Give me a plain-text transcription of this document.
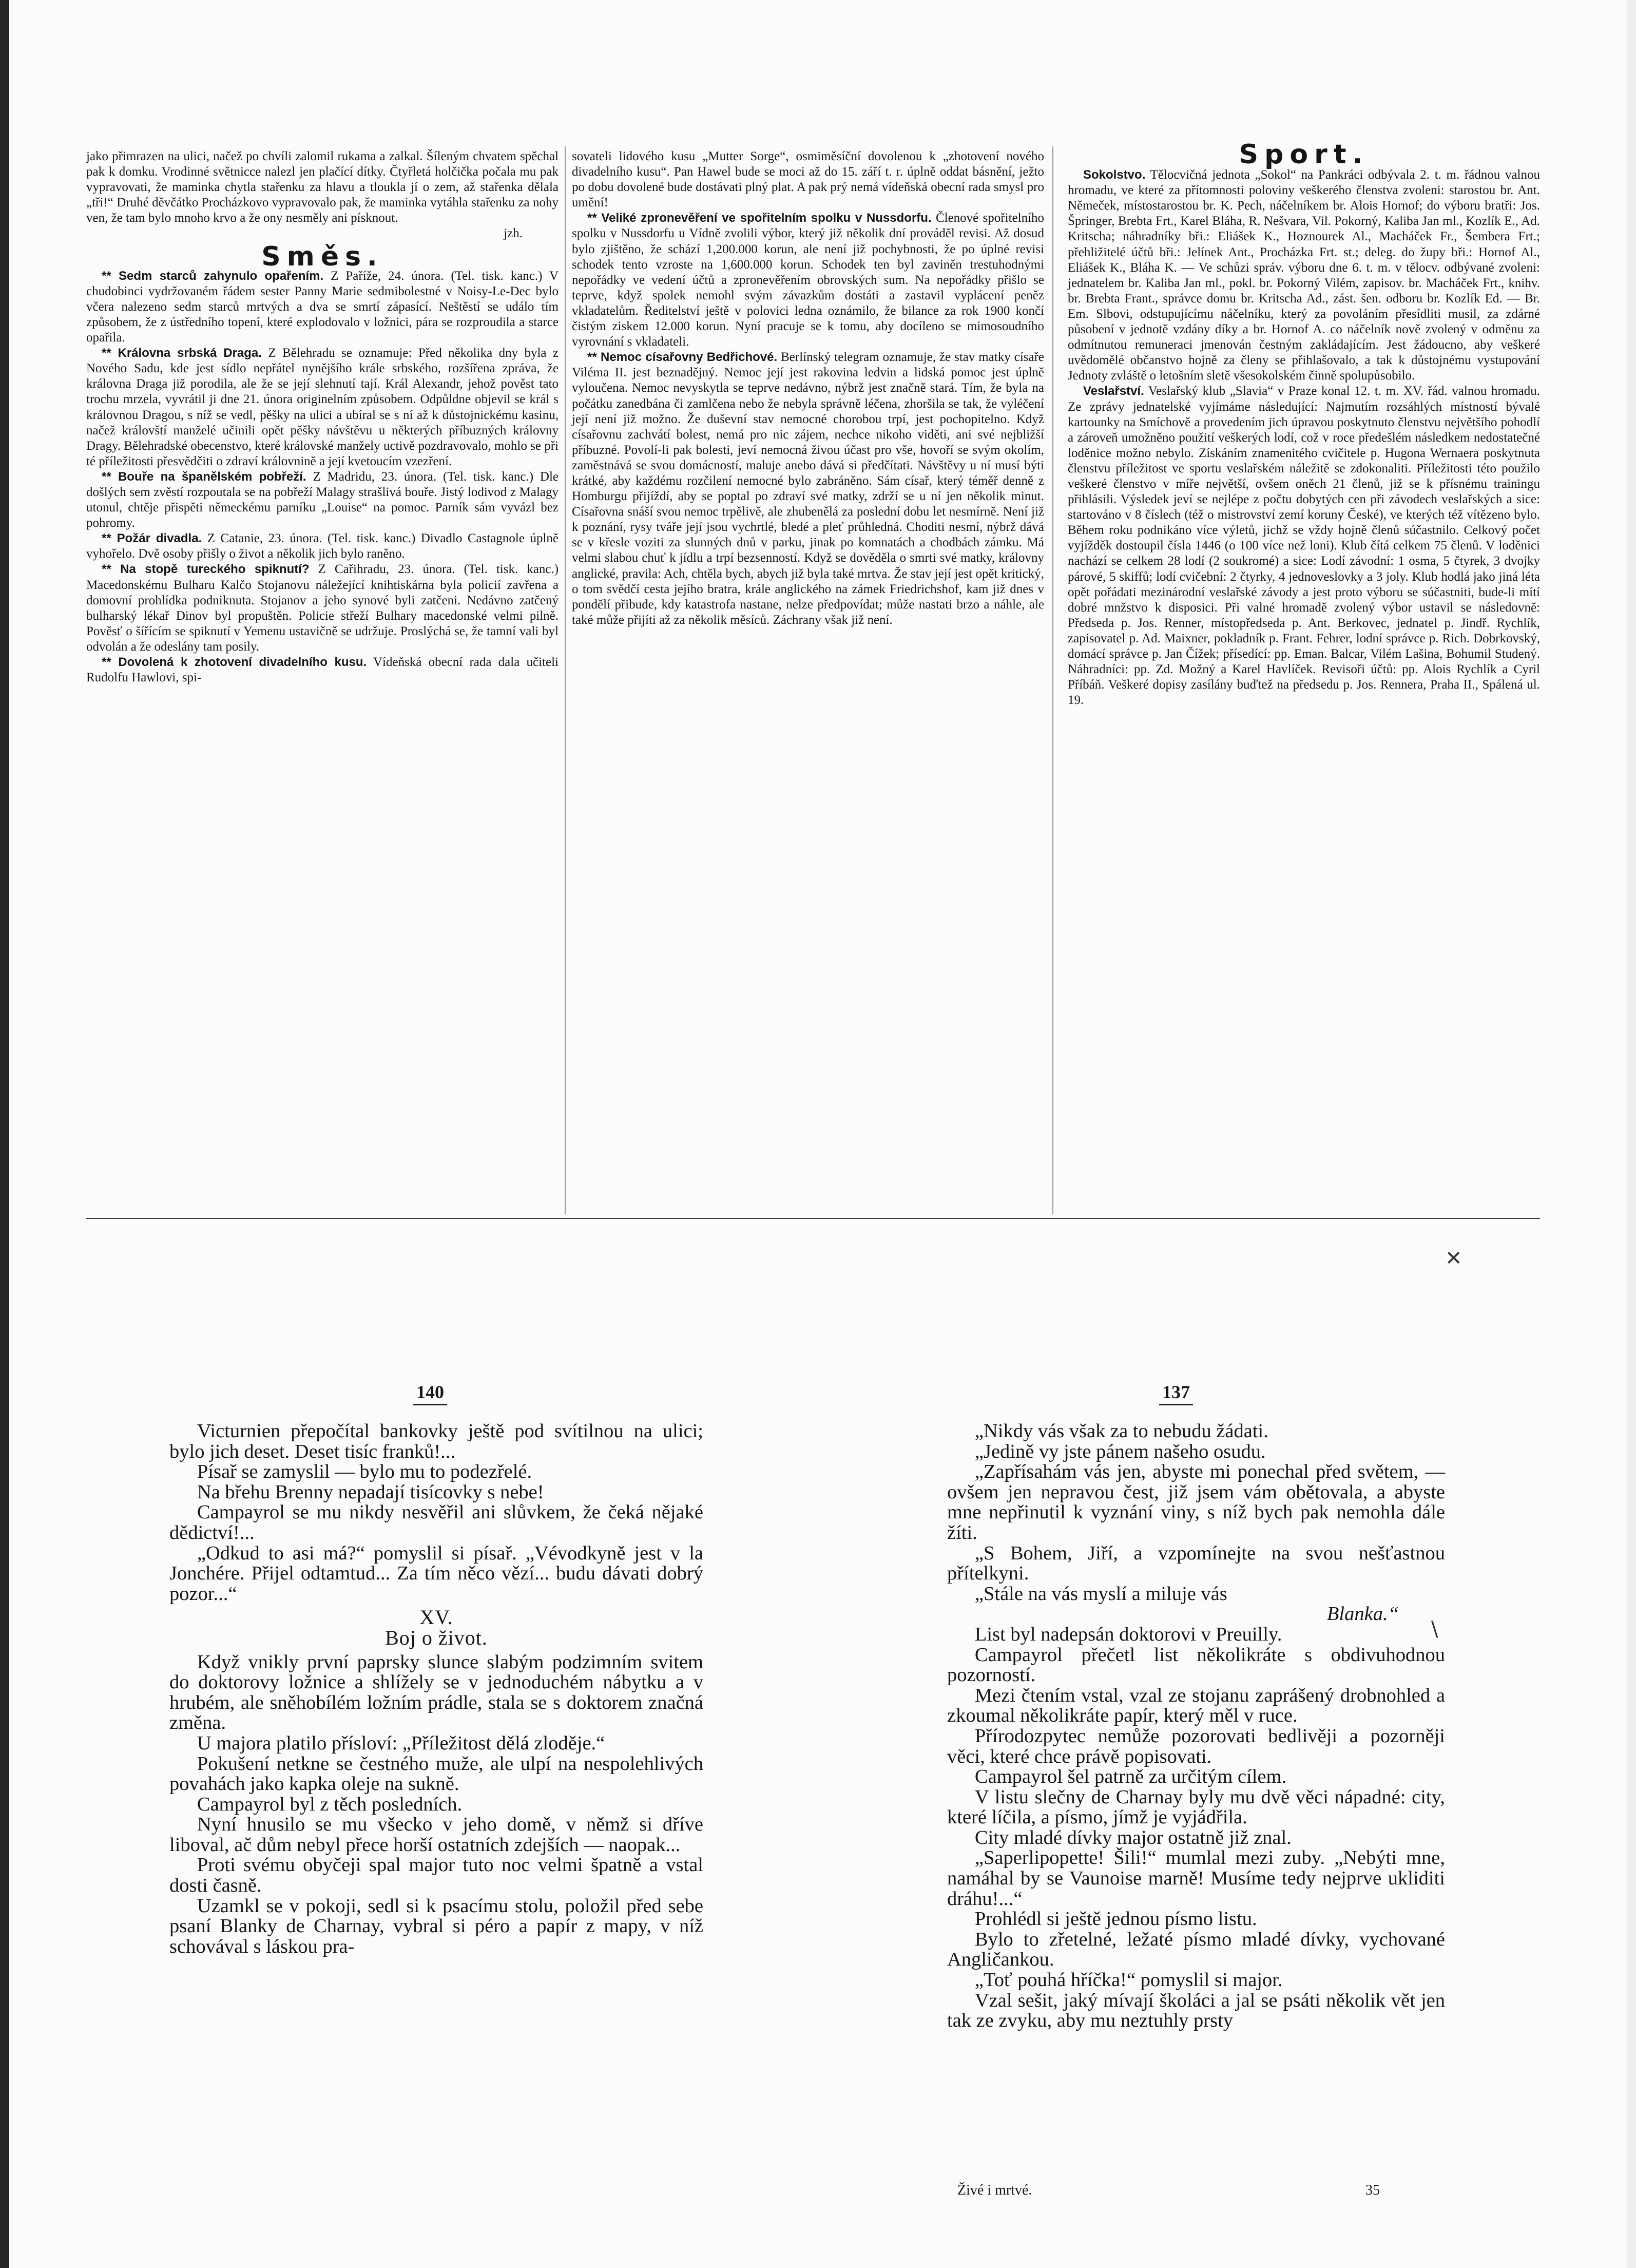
jako přimrazen na ulici, načež po chvíli zalomil rukama a zalkal. Šíleným chvatem spěchal pak k domku. Vrodinné světnicce nalezl jen plačící dítky. Čtyřletá holčička počala mu pak vypravovati, že maminka chytla stařenku za hlavu a tloukla jí o zem, až stařenka dělala „tři!“ Druhé děvčátko Procházkovo vypravovalo pak, že maminka vytáhla stařenku za nohy ven, že tam bylo mnoho krvo a že ony nesměly ani písknout.

jzh.

Směs.

** Sedm starců zahynulo opařením. Z Paříže, 24. února. (Tel. tisk. kanc.) V chudobinci vydržovaném řádem sester Panny Marie sedmibolestné v Noisy-Le-Dec bylo včera nalezeno sedm starců mrtvých a dva se smrtí zápasící. Neštěstí se událo tím způsobem, že z ústředního topení, které explodovalo v ložnici, pára se rozproudila a starce opařila.

** Královna srbská Draga. Z Bělehradu se oznamuje: Před několika dny byla z Nového Sadu, kde jest sídlo nepřátel nynějšího krále srbského, rozšířena zpráva, že královna Draga již porodila, ale že se její slehnutí tají. Král Alexandr, jehož pověst tato trochu mrzela, vyvrátil ji dne 21. února originelním způsobem. Odpůldne objevil se král s královnou Dragou, s níž se vedl, pěšky na ulici a ubíral se s ní až k důstojnickému kasinu, načež královští manželé učinili opět pěšky návštěvu u některých příbuzných královny Dragy. Bělehradské obecenstvo, které královské manžely uctivě pozdravovalo, mohlo se při té příležitosti přesvědčiti o zdraví královnině a její kvetoucím vzezření.

** Bouře na španělském pobřeží. Z Madridu, 23. února. (Tel. tisk. kanc.) Dle došlých sem zvěstí rozpoutala se na pobřeží Malagy strašlivá bouře. Jistý lodivod z Malagy utonul, chtěje přispěti německému parníku „Louise“ na pomoc. Parník sám vyvázl bez pohromy.

** Požár divadla. Z Catanie, 23. února. (Tel. tisk. kanc.) Divadlo Castagnole úplně vyhořelo. Dvě osoby přišly o život a několik jich bylo raněno.

** Na stopě tureckého spiknutí? Z Cařihradu, 23. února. (Tel. tisk. kanc.) Macedonskému Bulharu Kalčo Stojanovu náležející knihtiskárna byla policií zavřena a domovní prohlídka podniknuta. Stojanov a jeho synové byli zatčeni. Nedávno zatčený bulharský lékař Dinov byl propuštěn. Policie střeží Bulhary macedonské velmi pilně. Pověsť o šířícím se spiknutí v Yemenu ustavičně se udržuje. Proslýchá se, že tamní vali byl odvolán a že odeslány tam posily.

** Dovolená k zhotovení divadelního kusu. Vídeňská obecní rada dala učiteli Rudolfu Hawlovi, spi-

sovateli lidového kusu „Mutter Sorge“, osmiměsíční dovolenou k „zhotovení nového divadelního kusu“. Pan Hawel bude se moci až do 15. září t. r. úplně oddat básnění, ježto po dobu dovolené bude dostávati plný plat. A pak prý nemá vídeňská obecní rada smysl pro umění!

** Veliké zpronevěření ve spořitelním spolku v Nussdorfu. Členové spořitelního spolku v Nussdorfu u Vídně zvolili výbor, který již několik dní prováděl revisi. Až dosud bylo zjištěno, že schází 1,200.000 korun, ale není již pochybnosti, že po úplné revisi schodek tento vzroste na 1,600.000 korun. Schodek ten byl zaviněn trestuhodnými nepořádky ve vedení účtů a zpronevěřením obrovských sum. Na nepořádky přišlo se teprve, když spolek nemohl svým závazkům dostáti a zastavil vyplácení peněz vkladatelům. Ředitelství ještě v polovici ledna oznámilo, že bilance za rok 1900 končí čistým ziskem 12.000 korun. Nyní pracuje se k tomu, aby docíleno se mimosoudního vyrovnání s vkladateli.

** Nemoc císařovny Bedřichové. Berlínský telegram oznamuje, že stav matky císaře Viléma II. jest beznadějný. Nemoc její jest rakovina ledvin a lidská pomoc jest úplně vyloučena. Nemoc nevyskytla se teprve nedávno, nýbrž jest značně stará. Tím, že byla na počátku zanedbána či zamlčena nebo že nebyla správně léčena, zhoršila se tak, že vyléčení její není již možno. Že duševní stav nemocné chorobou trpí, jest pochopitelno. Když císařovnu zachvátí bolest, nemá pro nic zájem, nechce nikoho viděti, ani své nejbližší příbuzné. Povolí-li pak bolesti, jeví nemocná živou účast pro vše, hovoří se svým okolím, zaměstnává se svou domácností, maluje anebo dává si předčítati. Návštěvy u ní musí býti krátké, aby každému rozčilení nemocné bylo zabráněno. Sám císař, který téměř denně z Homburgu přijíždí, aby se poptal po zdraví své matky, zdrží se u ní jen několik minut. Císařovna snáší svou nemoc trpělivě, ale zhubenělá za poslední dobu let nesmírně. Není již k poznání, rysy tváře její jsou vychrtlé, bledé a pleť průhledná. Choditi nesmí, nýbrž dává se v křesle voziti za slunných dnů v parku, jinak po komnatách a chodbách zámku. Má velmi slabou chuť k jídlu a trpí bezsenností. Když se dověděla o smrti své matky, královny anglické, pravila: Ach, chtěla bych, abych již byla také mrtva. Že stav její jest opět kritický, o tom svědčí cesta jejího bratra, krále anglického na zámek Friedrichshof, kam již dnes v pondělí přibude, kdy katastrofa nastane, nelze předpovídat; může nastati brzo a náhle, ale také může přijíti až za několik měsíců. Záchrany však již není.

Sport.

Sokolstvo. Tělocvičná jednota „Sokol“ na Pankráci odbývala 2. t. m. řádnou valnou hromadu, ve které za přítomnosti poloviny veškerého členstva zvoleni: starostou br. Ant. Němeček, místostarostou br. K. Pech, náčelníkem br. Alois Hornof; do výboru bratři: Jos. Špringer, Brebta Frt., Karel Bláha, R. Nešvara, Vil. Pokorný, Kaliba Jan ml., Kozlík E., Ad. Kritscha; náhradníky bři.: Eliášek K., Hoznourek Al., Macháček Fr., Šembera Frt.; přehližitelé účtů bři.: Jelínek Ant., Procházka Frt. st.; deleg. do župy bři.: Hornof Al., Eliášek K., Bláha K. — Ve schůzi správ. výboru dne 6. t. m. v tělocv. odbývané zvoleni: jednatelem br. Kaliba Jan ml., pokl. br. Pokorný Vilém, zapisov. br. Macháček Frt., knihv. br. Brebta Frant., správce domu br. Kritscha Ad., zást. šen. odboru br. Kozlík Ed. — Br. Em. Slbovi, odstupujícímu náčelníku, který za povoláním přesídliti musil, za zdárné působení v jednotě vzdány díky a br. Hornof A. co náčelník nově zvolený v odměnu za odmítnutou remuneraci jmenován čestným zakládajícím. Jest žádoucno, aby veškeré uvědomělé občanstvo hojně za členy se přihlašovalo, a tak k důstojnému vystupování Jednoty zvláště o letošním sletě všesokolském činně spolupůsobilo.

Veslařství. Veslařský klub „Slavia“ v Praze konal 12. t. m. XV. řád. valnou hromadu. Ze zprávy jednatelské vyjímáme následující: Najmutím rozsáhlých místností bývalé kartounky na Smíchově a provedením jich úpravou poskytnuto členstvu největšího pohodlí a zároveň umožněno použití veškerých lodí, což v roce předešlém následkem nedostatečné loděnice možno nebylo. Získáním znamenitého cvičitele p. Hugona Wernaera poskytnuta členstvu příležitost ve sportu veslařském náležitě se zdokonaliti. Příležitosti této použilo veškeré členstvo v míře největší, ovšem oněch 21 členů, již se k přísnému trainingu přihlásili. Výsledek jeví se nejlépe z počtu dobytých cen při závodech veslařských a sice: startováno v 8 číslech (též o mistrovství zemí koruny České), ve kterých též vítězeno bylo. Během roku podnikáno více výletů, jichž se vždy hojně členů súčastnilo. Celkový počet vyjížděk dostoupil čísla 1446 (o 100 více než loni). Klub čítá celkem 75 členů. V loděnici nachází se celkem 28 lodí (2 soukromé) a sice: Lodí závodní: 1 osma, 5 čtyrek, 3 dvojky párové, 5 skiffů; lodí cvičební: 2 čtyrky, 4 jednoveslovky a 3 joly. Klub hodlá jako jiná léta opět pořádati mezinárodní veslařské závody a jest proto výboru se súčastniti, bude-li mítí dobré mnžstvo k disposici. Při valné hromadě zvolený výbor ustavil se následovně: Předseda p. Jos. Renner, místopředseda p. Ant. Berkovec, jednatel p. Jindř. Rychlík, zapisovatel p. Ad. Maixner, pokladník p. Frant. Fehrer, lodní správce p. Rich. Dobrkovský, domácí správce p. Jan Čížek; přísedící: pp. Eman. Balcar, Vilém Lašina, Bohumil Studený. Náhradníci: pp. Zd. Možný a Karel Havlíček. Revisoři účtů: pp. Alois Rychlík a Cyril Příbáň. Veškeré dopisy zasílány buďtež na předsedu p. Jos. Rennera, Praha II., Spálená ul. 19.

✕
140	137

Victurnien přepočítal bankovky ještě pod svítilnou na ulici; bylo jich deset. Deset tisíc franků!...

Písař se zamyslil — bylo mu to podezřelé.

Na břehu Brenny nepadají tisícovky s nebe!

Campayrol se mu nikdy nesvěřil ani slůvkem, že čeká nějaké dědictví!...

„Odkud to asi má?“ pomyslil si písař. „Vévodkyně jest v la Jonchére. Přijel odtamtud... Za tím něco vězí... budu dávati dobrý pozor...“

XV.

Boj o život.

Když vnikly první paprsky slunce slabým podzimním svitem do doktorovy ložnice a shlížely se v jednoduchém nábytku a v hrubém, ale sněhobílém ložním prádle, stala se s doktorem značná změna.

U majora platilo přísloví: „Příležitost dělá zloděje.“

Pokušení netkne se čestného muže, ale ulpí na nespolehlivých povahách jako kapka oleje na sukně.

Campayrol byl z těch posledních.

Nyní hnusilo se mu všecko v jeho domě, v němž si dříve liboval, ač dům nebyl přece horší ostatních zdejších — naopak...

Proti svému obyčeji spal major tuto noc velmi špatně a vstal dosti časně.

Uzamkl se v pokoji, sedl si k psacímu stolu, položil před sebe psaní Blanky de Charnay, vybral si péro a papír z mapy, v níž schovával s láskou pra-

„Nikdy vás však za to nebudu žádati.

„Jedině vy jste pánem našeho osudu.

„Zapřísahám vás jen, abyste mi ponechal před světem, — ovšem jen nepravou čest, již jsem vám obětovala, a abyste mne nepřinutil k vyznání viny, s níž bych pak nemohla dále žíti.

„S Bohem, Jiří, a vzpomínejte na svou nešťastnou přítelkyni.

„Stále na vás myslí a miluje vás

Blanka.“

List byl nadepsán doktorovi v Preuilly.

Campayrol přečetl list několikráte s obdivuhodnou pozorností.

Mezi čtením vstal, vzal ze stojanu zaprášený drobnohled a zkoumal několikráte papír, který měl v ruce.

Přírodozpytec nemůže pozorovati bedlivěji a pozorněji věci, které chce právě popisovati.

Campayrol šel patrně za určitým cílem.

V listu slečny de Charnay byly mu dvě věci nápadné: city, které líčila, a písmo, jímž je vyjádřila.

City mladé dívky major ostatně již znal.

„Saperlipopette! Šili!“ mumlal mezi zuby. „Nebýti mne, namáhal by se Vaunoise marně! Musíme tedy nejprve ukliditi dráhu!...“

Prohlédl si ještě jednou písmo listu.

Bylo to zřetelné, ležaté písmo mladé dívky, vychované Angličankou.

„Toť pouhá hříčka!“ pomyslil si major.

Vzal sešit, jaký mívají školáci a jal se psáti několik vět jen tak ze zvyku, aby mu neztuhly prsty

\
Živé i mrtvé.	35
